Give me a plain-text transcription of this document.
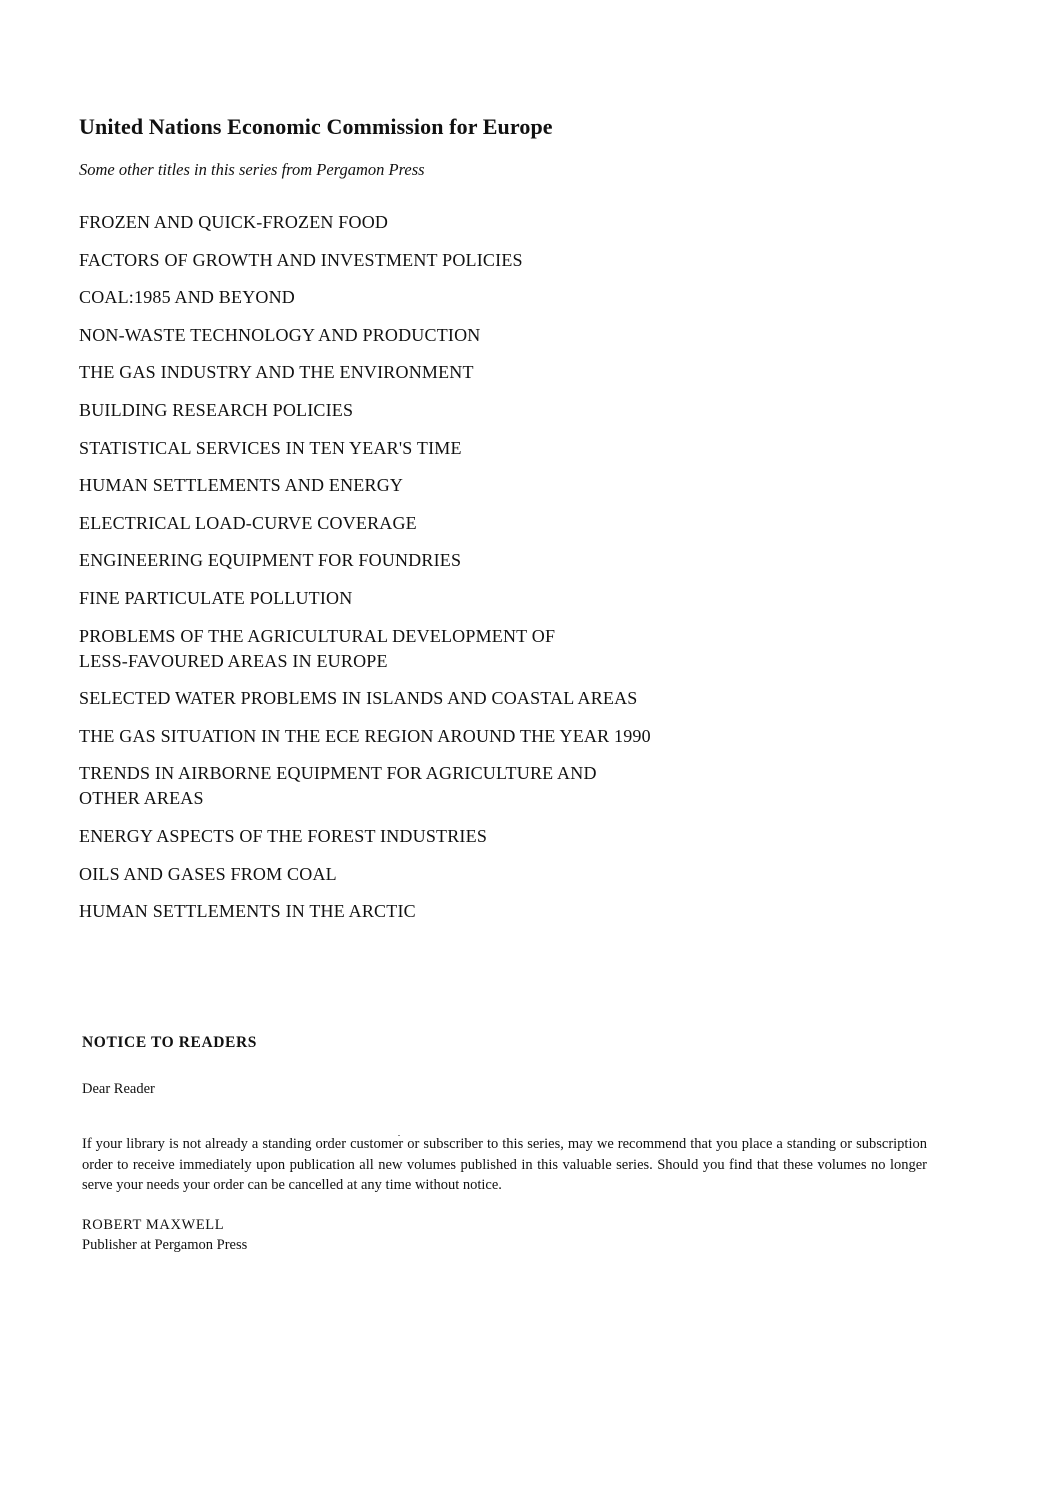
United Nations Economic Commission for Europe

Some other titles in this series from Pergamon Press

FROZEN AND QUICK-FROZEN FOOD
FACTORS OF GROWTH AND INVESTMENT POLICIES
COAL:1985 AND BEYOND
NON-WASTE TECHNOLOGY AND PRODUCTION
THE GAS INDUSTRY AND THE ENVIRONMENT
BUILDING RESEARCH POLICIES
STATISTICAL SERVICES IN TEN YEAR'S TIME
HUMAN SETTLEMENTS AND ENERGY
ELECTRICAL LOAD-CURVE COVERAGE
ENGINEERING EQUIPMENT FOR FOUNDRIES
FINE PARTICULATE POLLUTION
PROBLEMS OF THE AGRICULTURAL DEVELOPMENT OF
LESS-FAVOURED AREAS IN EUROPE
SELECTED WATER PROBLEMS IN ISLANDS AND COASTAL AREAS
THE GAS SITUATION IN THE ECE REGION AROUND THE YEAR 1990
TRENDS IN AIRBORNE EQUIPMENT FOR AGRICULTURE AND
OTHER AREAS
ENERGY ASPECTS OF THE FOREST INDUSTRIES
OILS AND GASES FROM COAL
HUMAN SETTLEMENTS IN THE ARCTIC

NOTICE TO READERS

Dear Reader

If your library is not already a standing order customer or subscriber to this series, may we recommend that you place a standing or subscription order to receive immediately upon publication all new volumes published in this valuable series. Should you find that these volumes no longer serve your needs your order can be cancelled at any time without notice.

ROBERT MAXWELL
Publisher at Pergamon Press
